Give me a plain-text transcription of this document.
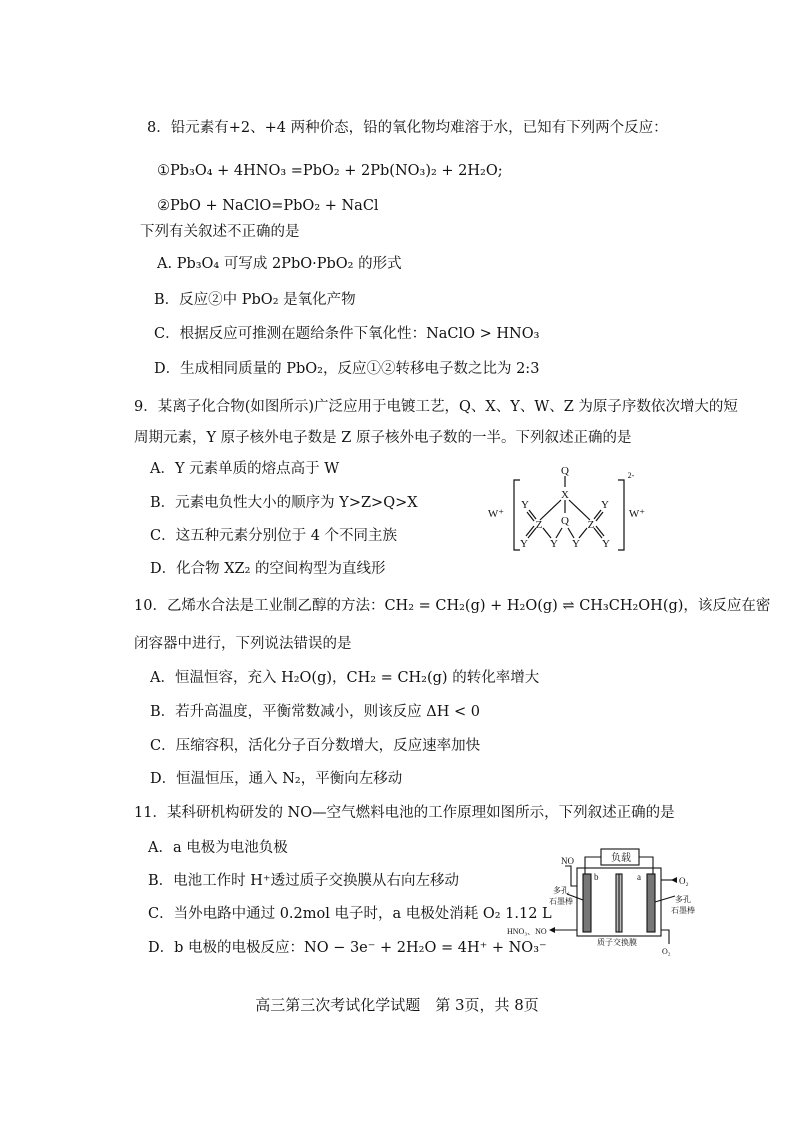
8．铅元素有+2、+4 两种价态，铅的氧化物均难溶于水，已知有下列两个反应：
①Pb₃O₄ + 4HNO₃ =PbO₂ + 2Pb(NO₃)₂ + 2H₂O;
②PbO + NaClO=PbO₂ + NaCl
下列有关叙述不正确的是
A. Pb₃O₄ 可写成 2PbO·PbO₂ 的形式
B．反应②中 PbO₂ 是氧化产物
C．根据反应可推测在题给条件下氧化性：NaClO > HNO₃
D．生成相同质量的 PbO₂，反应①②转移电子数之比为 2:3
9．某离子化合物(如图所示)广泛应用于电镀工艺，Q、X、Y、W、Z 为原子序数依次增大的短
周期元素，Y 原子核外电子数是 Z 原子核外电子数的一半。下列叙述正确的是
A．Y 元素单质的熔点高于 W
B．元素电负性大小的顺序为 Y>Z>Q>X
C．这五种元素分别位于 4 个不同主族
D．化合物 XZ₂ 的空间构型为直线形
W⁺	W⁺
2-
Q
X
Q
Z	Z
Y	Y
Y Y Y Y
10．乙烯水合法是工业制乙醇的方法：CH₂ = CH₂(g) + H₂O(g) ⇌ CH₃CH₂OH(g)，该反应在密
闭容器中进行，下列说法错误的是
A．恒温恒容，充入 H₂O(g)，CH₂ = CH₂(g) 的转化率增大
B．若升高温度，平衡常数减小，则该反应 ΔH < 0
C．压缩容积，活化分子百分数增大，反应速率加快
D．恒温恒压，通入 N₂，平衡向左移动
11．某科研机构研发的 NO—空气燃料电池的工作原理如图所示，下列叙述正确的是
A．a 电极为电池负极
B．电池工作时 H⁺透过质子交换膜从右向左移动
C．当外电路中通过 0.2mol 电子时，a 电极处消耗 O₂ 1.12 L
D．b 电极的电极反应：NO − 3e⁻ + 2H₂O = 4H⁺ + NO₃⁻
负载
NO
O₂
b	a
多孔
石墨棒	多孔
石墨棒
HNO₃、NO
质子交换膜
O₂
高三第三次考试化学试题　第 3页，共 8页
